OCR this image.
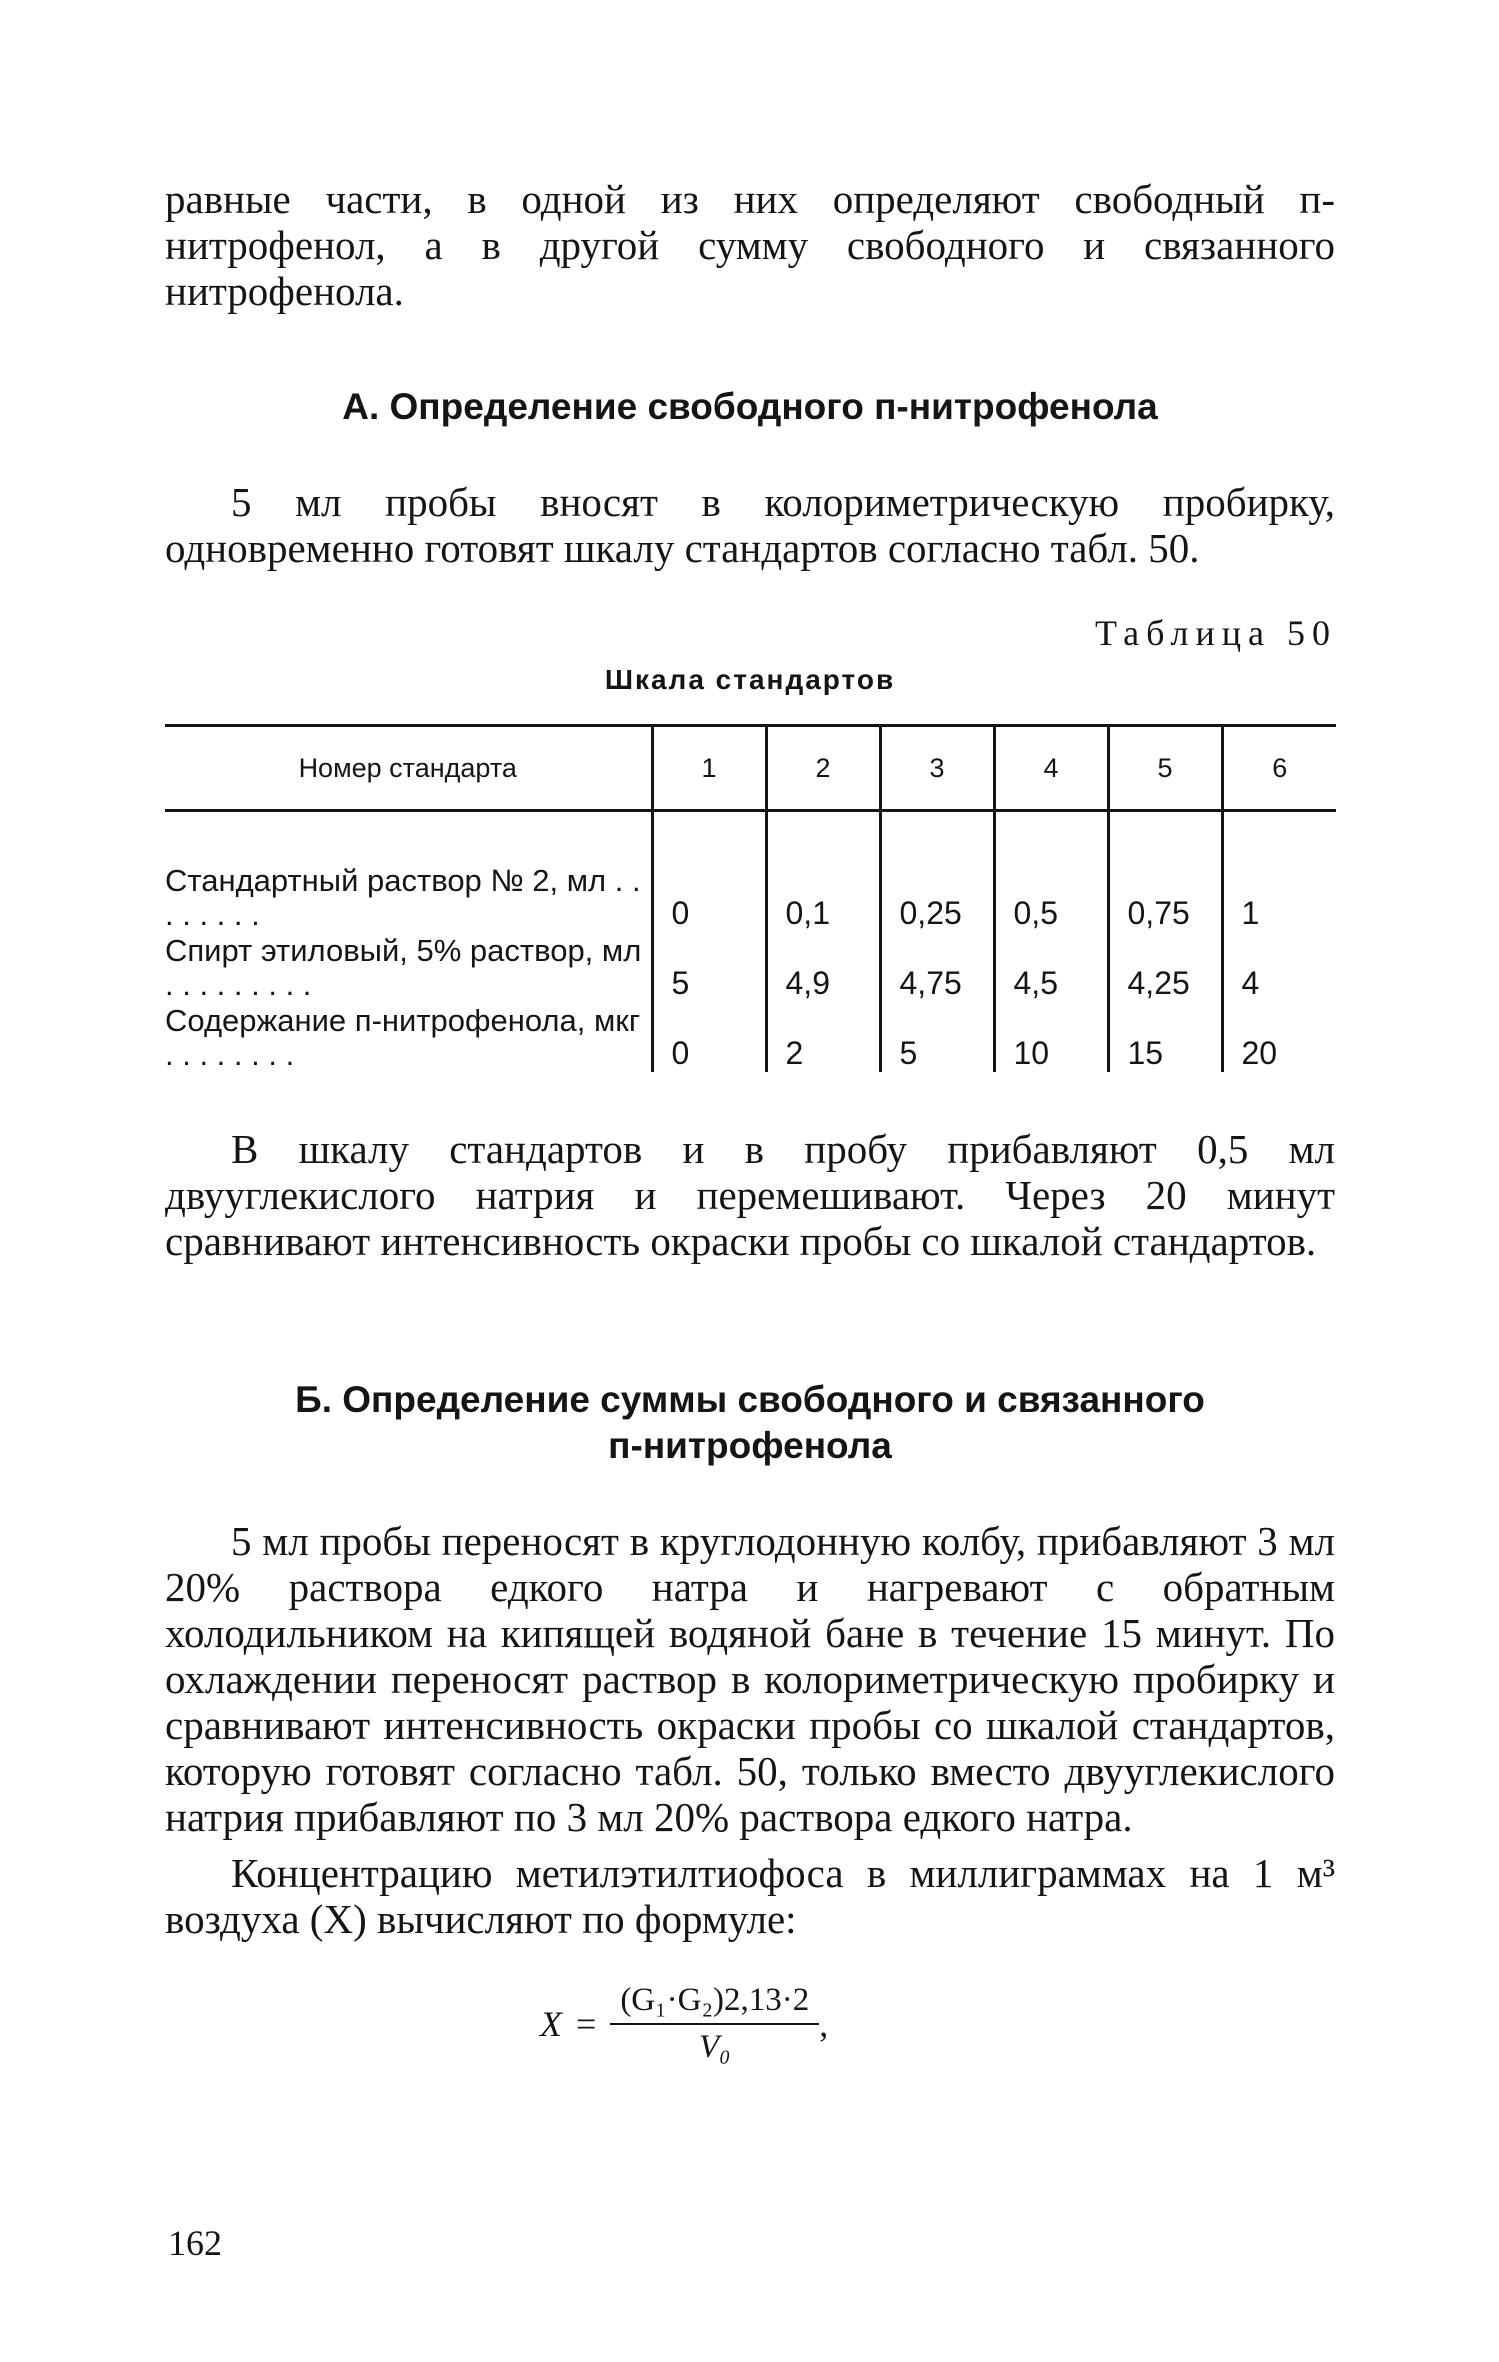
равные части, в одной из них определяют свободный п-нитрофенол, а в другой сумму свободного и связанного нитрофенола.

А. Определение свободного п-нитрофенола

5 мл пробы вносят в колориметрическую пробирку, одновременно готовят шкалу стандартов согласно табл. 50.

Таблица 50
Шкала стандартов
Номер стандарта	1	2	3	4	5	6
Стандартный раствор № 2, мл . . . . . . . .	0	0,1	0,25	0,5	0,75	1
Спирт этиловый, 5% раствор, мл . . . . . . . . .	5	4,9	4,75	4,5	4,25	4
Содержание п-нитрофенола, мкг . . . . . . . .	0	2	5	10	15	20

В шкалу стандартов и в пробу прибавляют 0,5 мл двууглекислого натрия и перемешивают. Через 20 минут сравнивают интенсивность окраски пробы со шкалой стандартов.

Б. Определение суммы свободного и связанного
п-нитрофенола

5 мл пробы переносят в круглодонную колбу, прибавляют 3 мл 20% раствора едкого натра и нагревают с обратным холодильником на кипящей водяной бане в течение 15 минут. По охлаждении переносят раствор в колориметрическую пробирку и сравнивают интенсивность окраски пробы со шкалой стандартов, которую готовят согласно табл. 50, только вместо двууглекислого натрия прибавляют по 3 мл 20% раствора едкого натра.

Концентрацию метилэтилтиофоса в миллиграммах на 1 м³ воздуха (X) вычисляют по формуле:

$X = \frac{\text{(G₁·G₂)2,13·2}}{\text{V₀}}$ ,
162
